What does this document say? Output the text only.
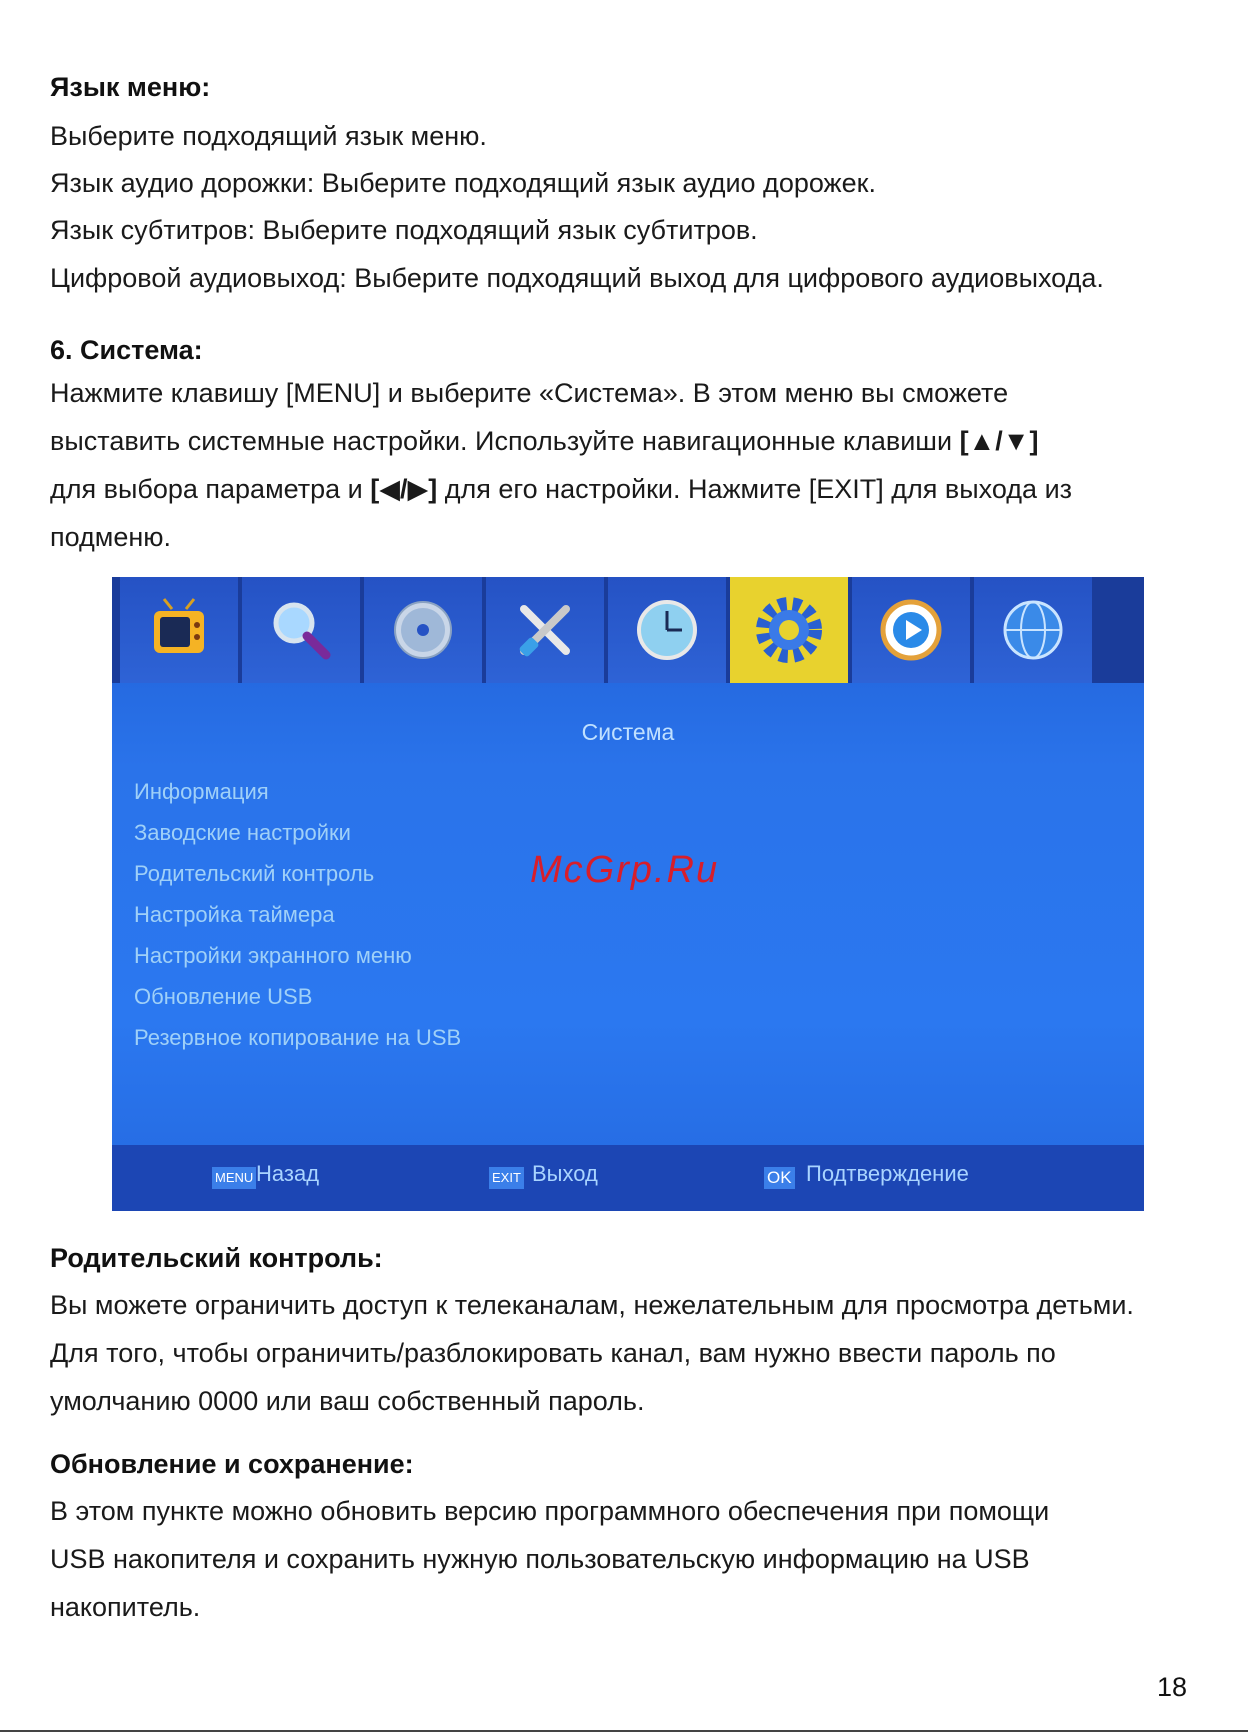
Язык меню:

Выберите подходящий язык меню.

Язык аудио дорожки: Выберите подходящий язык аудио дорожек.

Язык субтитров: Выберите подходящий язык субтитров.

Цифровой аудиовыход: Выберите подходящий выход для цифрового аудиовыхода.

6. Система:

Нажмите клавишу [MENU] и выберите «Система». В этом меню вы сможете

выставить системные настройки. Используйте навигационные клавиши [▲/▼]

для выбора параметра и [◀/▶] для его настройки. Нажмите [EXIT] для выхода из

подменю.

Система
Информация
Заводские настройки
Родительский контроль
Настройка таймера
Настройки экранного меню
Обновление USB
Резервное копирование на USB
McGrp.Ru
MENU Назад	EXIT Выход	OK Подтверждение
Родительский контроль:

Вы можете ограничить доступ к телеканалам, нежелательным для просмотра детьми.

Для того, чтобы ограничить/разблокировать канал, вам нужно ввести пароль по

умолчанию 0000 или ваш собственный пароль.

Обновление и сохранение:

В этом пункте можно обновить версию программного обеспечения при помощи

USB накопителя и сохранить нужную пользовательскую информацию на USB

накопитель.

18
